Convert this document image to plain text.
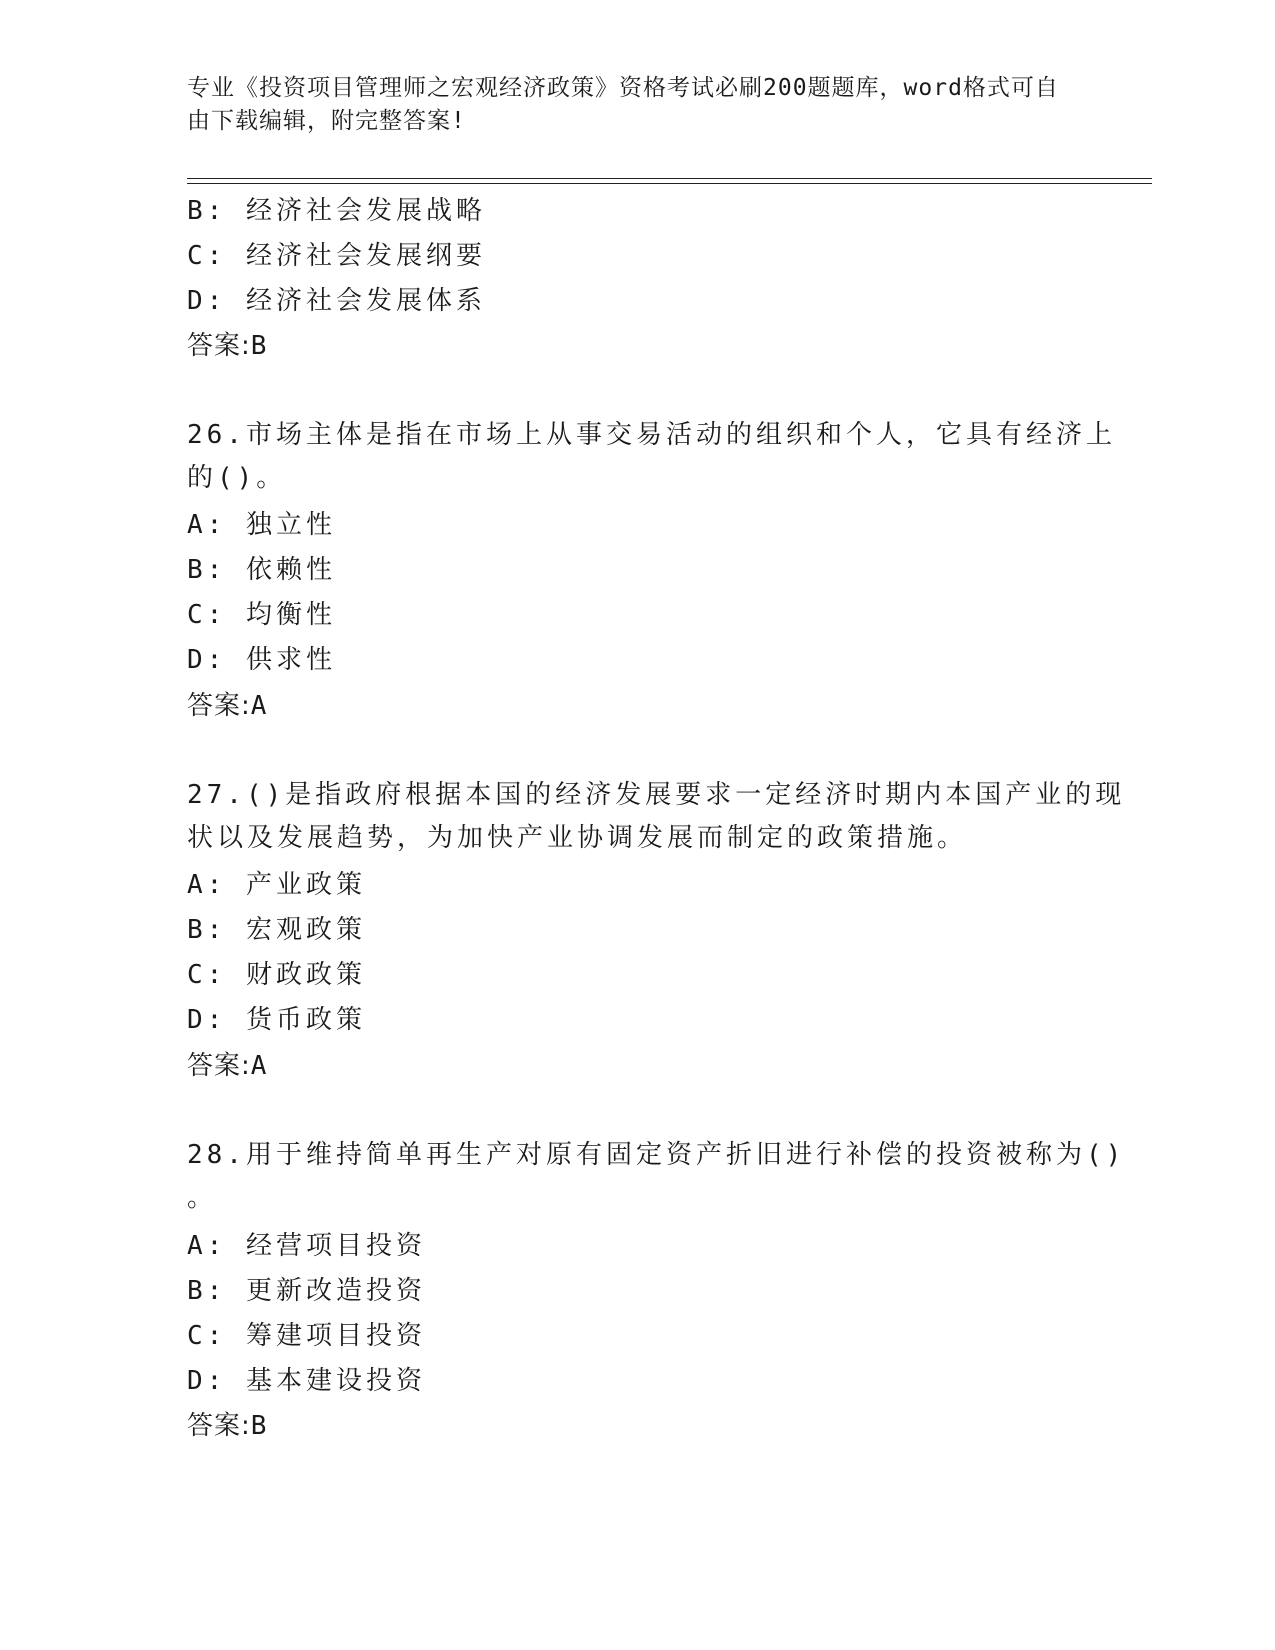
专业《投资项目管理师之宏观经济政策》资格考试必刷200题题库，word格式可自由下载编辑，附完整答案!
B: 经济社会发展战略
C: 经济社会发展纲要
D: 经济社会发展体系
答案:B
26.市场主体是指在市场上从事交易活动的组织和个人，它具有经济上
的()。
A: 独立性
B: 依赖性
C: 均衡性
D: 供求性
答案:A
27.()是指政府根据本国的经济发展要求一定经济时期内本国产业的现
状以及发展趋势，为加快产业协调发展而制定的政策措施。
A: 产业政策
B: 宏观政策
C: 财政政策
D: 货币政策
答案:A
28.用于维持简单再生产对原有固定资产折旧进行补偿的投资被称为()
。
A: 经营项目投资
B: 更新改造投资
C: 筹建项目投资
D: 基本建设投资
答案:B
